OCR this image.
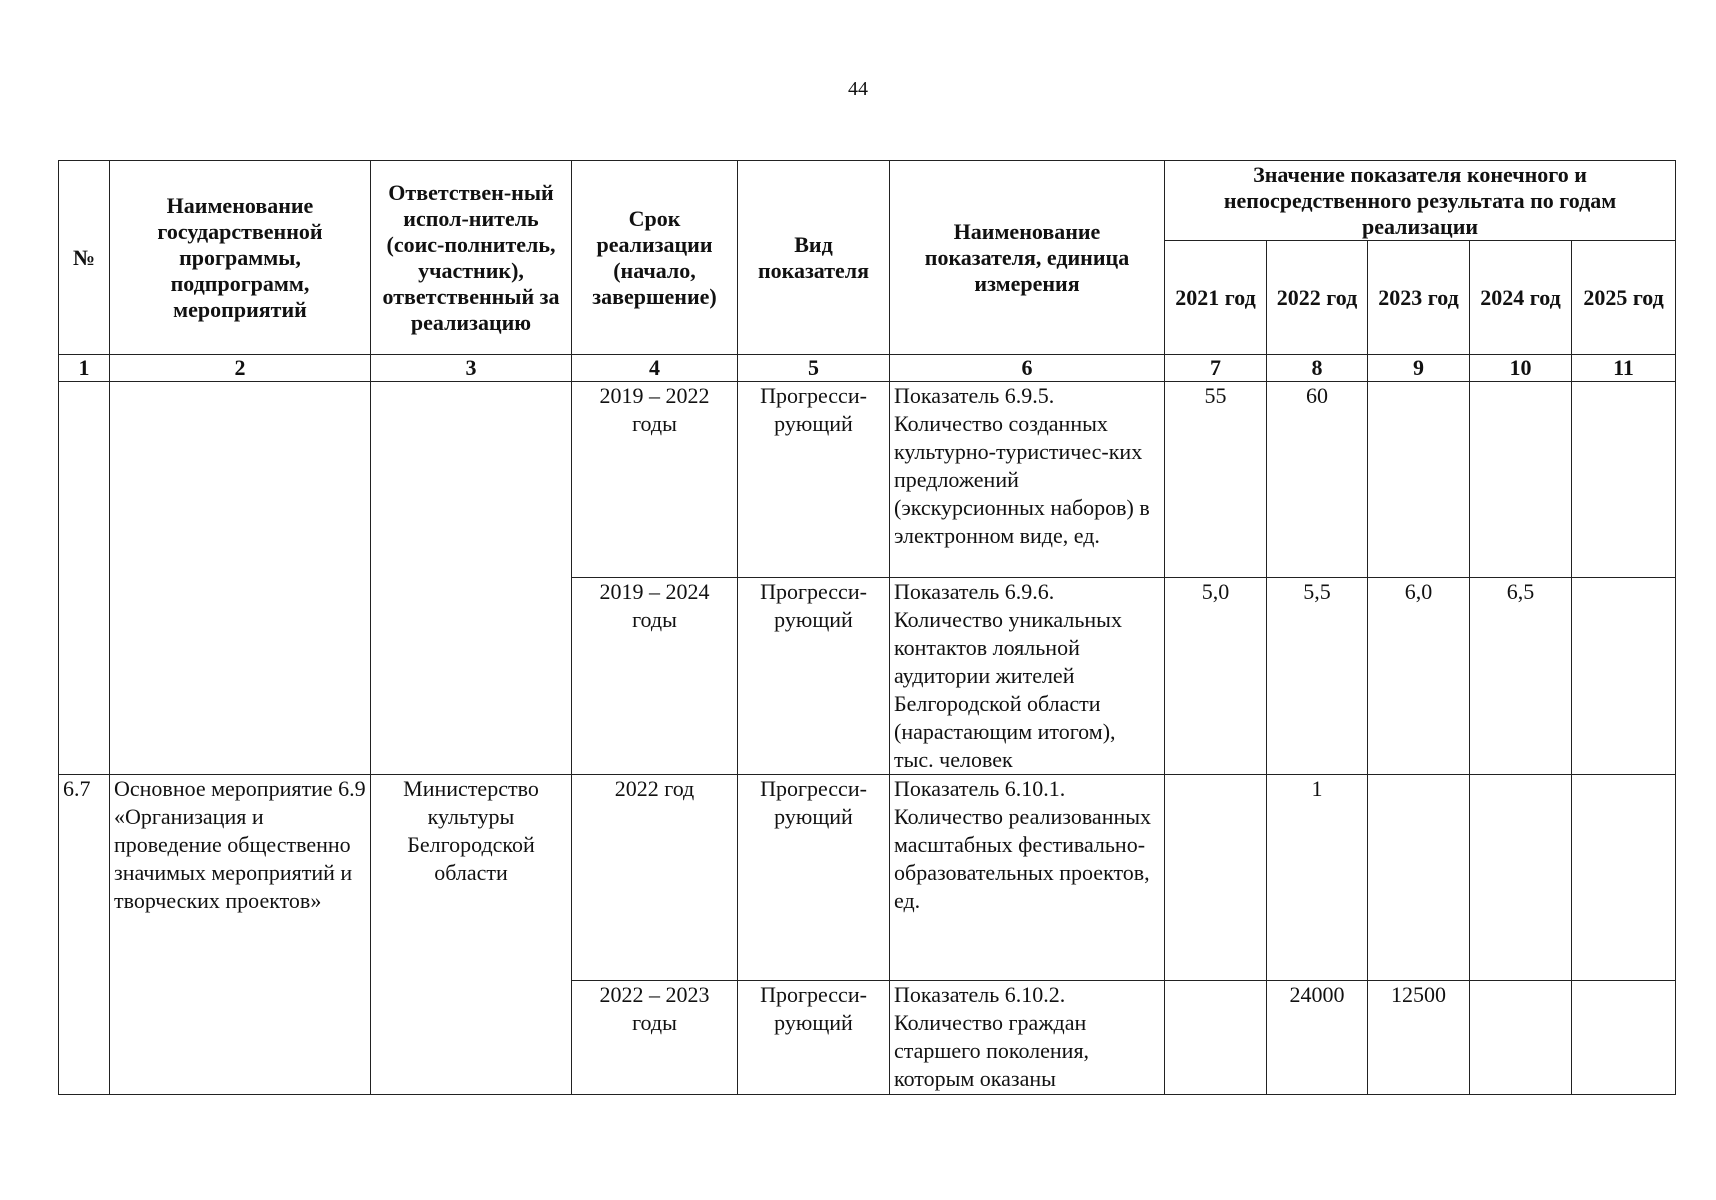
44
№	Наименование государственной программы, подпрограмм, мероприятий	Ответствен-ный испол-нитель (соис-полнитель, участник), ответственный за реализацию	Срок реализации (начало, завершение)	Вид показателя	Наименование показателя, единица измерения	Значение показателя конечного и непосредственного результата по годам реализации				
						2021 год	2022 год	2023 год	2024 год	2025 год
1	2	3	4	5	6	7	8	9	10	11
			2019 – 2022 годы	Прогресси-рующий	Показатель 6.9.5. Количество созданных культурно-туристичес-ких предложений (экскурсионных наборов) в электронном виде, ед.	55	60			
			2019 – 2024 годы	Прогресси-рующий	Показатель 6.9.6. Количество уникальных контактов лояльной аудитории жителей Белгородской области (нарастающим итогом), тыс. человек	5,0	5,5	6,0	6,5	
6.7	Основное мероприятие 6.9 «Организация и проведение общественно значимых мероприятий и творческих проектов»	Министерство культуры Белгородской области	2022 год	Прогресси-рующий	Показатель 6.10.1. Количество реализованных масштабных фестивально-образовательных проектов, ед.		1			
			2022 – 2023 годы	Прогресси-рующий	Показатель 6.10.2. Количество граждан старшего поколения, которым оказаны		24000	12500		
